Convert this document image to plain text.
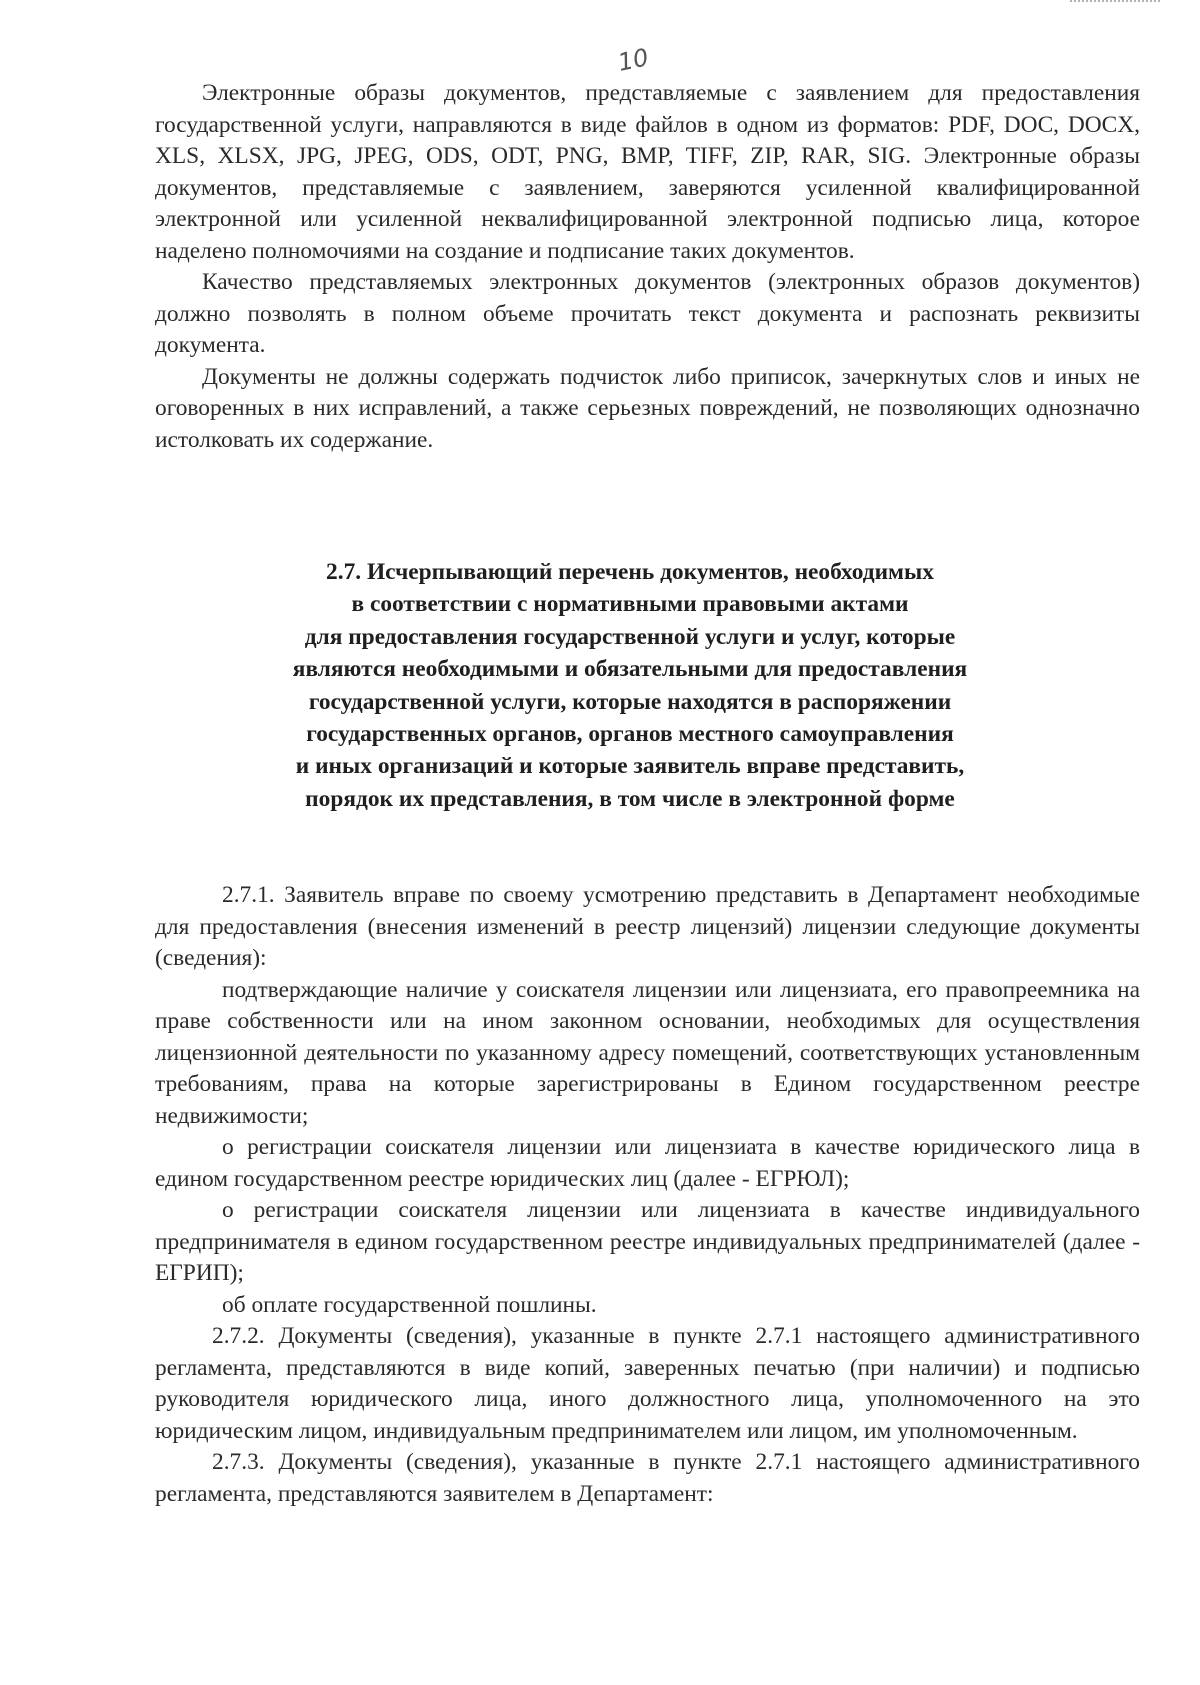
10

Электронные образы документов, представляемые с заявлением для предоставления государственной услуги, направляются в виде файлов в одном из форматов: PDF, DOC, DOCX, XLS, XLSX, JPG, JPEG, ODS, ODT, PNG, BMP, TIFF, ZIP, RAR, SIG. Электронные образы документов, представляемые с заявлением, заверяются усиленной квалифицированной электронной или усиленной неквалифицированной электронной подписью лица, которое наделено полномочиями на создание и подписание таких документов.

Качество представляемых электронных документов (электронных образов документов) должно позволять в полном объеме прочитать текст документа и распознать реквизиты документа.

Документы не должны содержать подчисток либо приписок, зачеркнутых слов и иных не оговоренных в них исправлений, а также серьезных повреждений, не позволяющих однозначно истолковать их содержание.

2.7. Исчерпывающий перечень документов, необходимых
в соответствии с нормативными правовыми актами
для предоставления государственной услуги и услуг, которые
являются необходимыми и обязательными для предоставления
государственной услуги, которые находятся в распоряжении
государственных органов, органов местного самоуправления
и иных организаций и которые заявитель вправе представить,
порядок их представления, в том числе в электронной форме

2.7.1. Заявитель вправе по своему усмотрению представить в Департамент необходимые для предоставления (внесения изменений в реестр лицензий) лицензии следующие документы (сведения):

подтверждающие наличие у соискателя лицензии или лицензиата, его правопреемника на праве собственности или на ином законном основании, необходимых для осуществления лицензионной деятельности по указанному адресу помещений, соответствующих установленным требованиям, права на которые зарегистрированы в Едином государственном реестре недвижимости;

о регистрации соискателя лицензии или лицензиата в качестве юридического лица в едином государственном реестре юридических лиц (далее - ЕГРЮЛ);

о регистрации соискателя лицензии или лицензиата в качестве индивидуального предпринимателя в едином государственном реестре индивидуальных предпринимателей (далее - ЕГРИП);

об оплате государственной пошлины.

2.7.2. Документы (сведения), указанные в пункте 2.7.1 настоящего административного регламента, представляются в виде копий, заверенных печатью (при наличии) и подписью руководителя юридического лица, иного должностного лица, уполномоченного на это юридическим лицом, индивидуальным предпринимателем или лицом, им уполномоченным.

2.7.3. Документы (сведения), указанные в пункте 2.7.1 настоящего административного регламента, представляются заявителем в Департамент:
